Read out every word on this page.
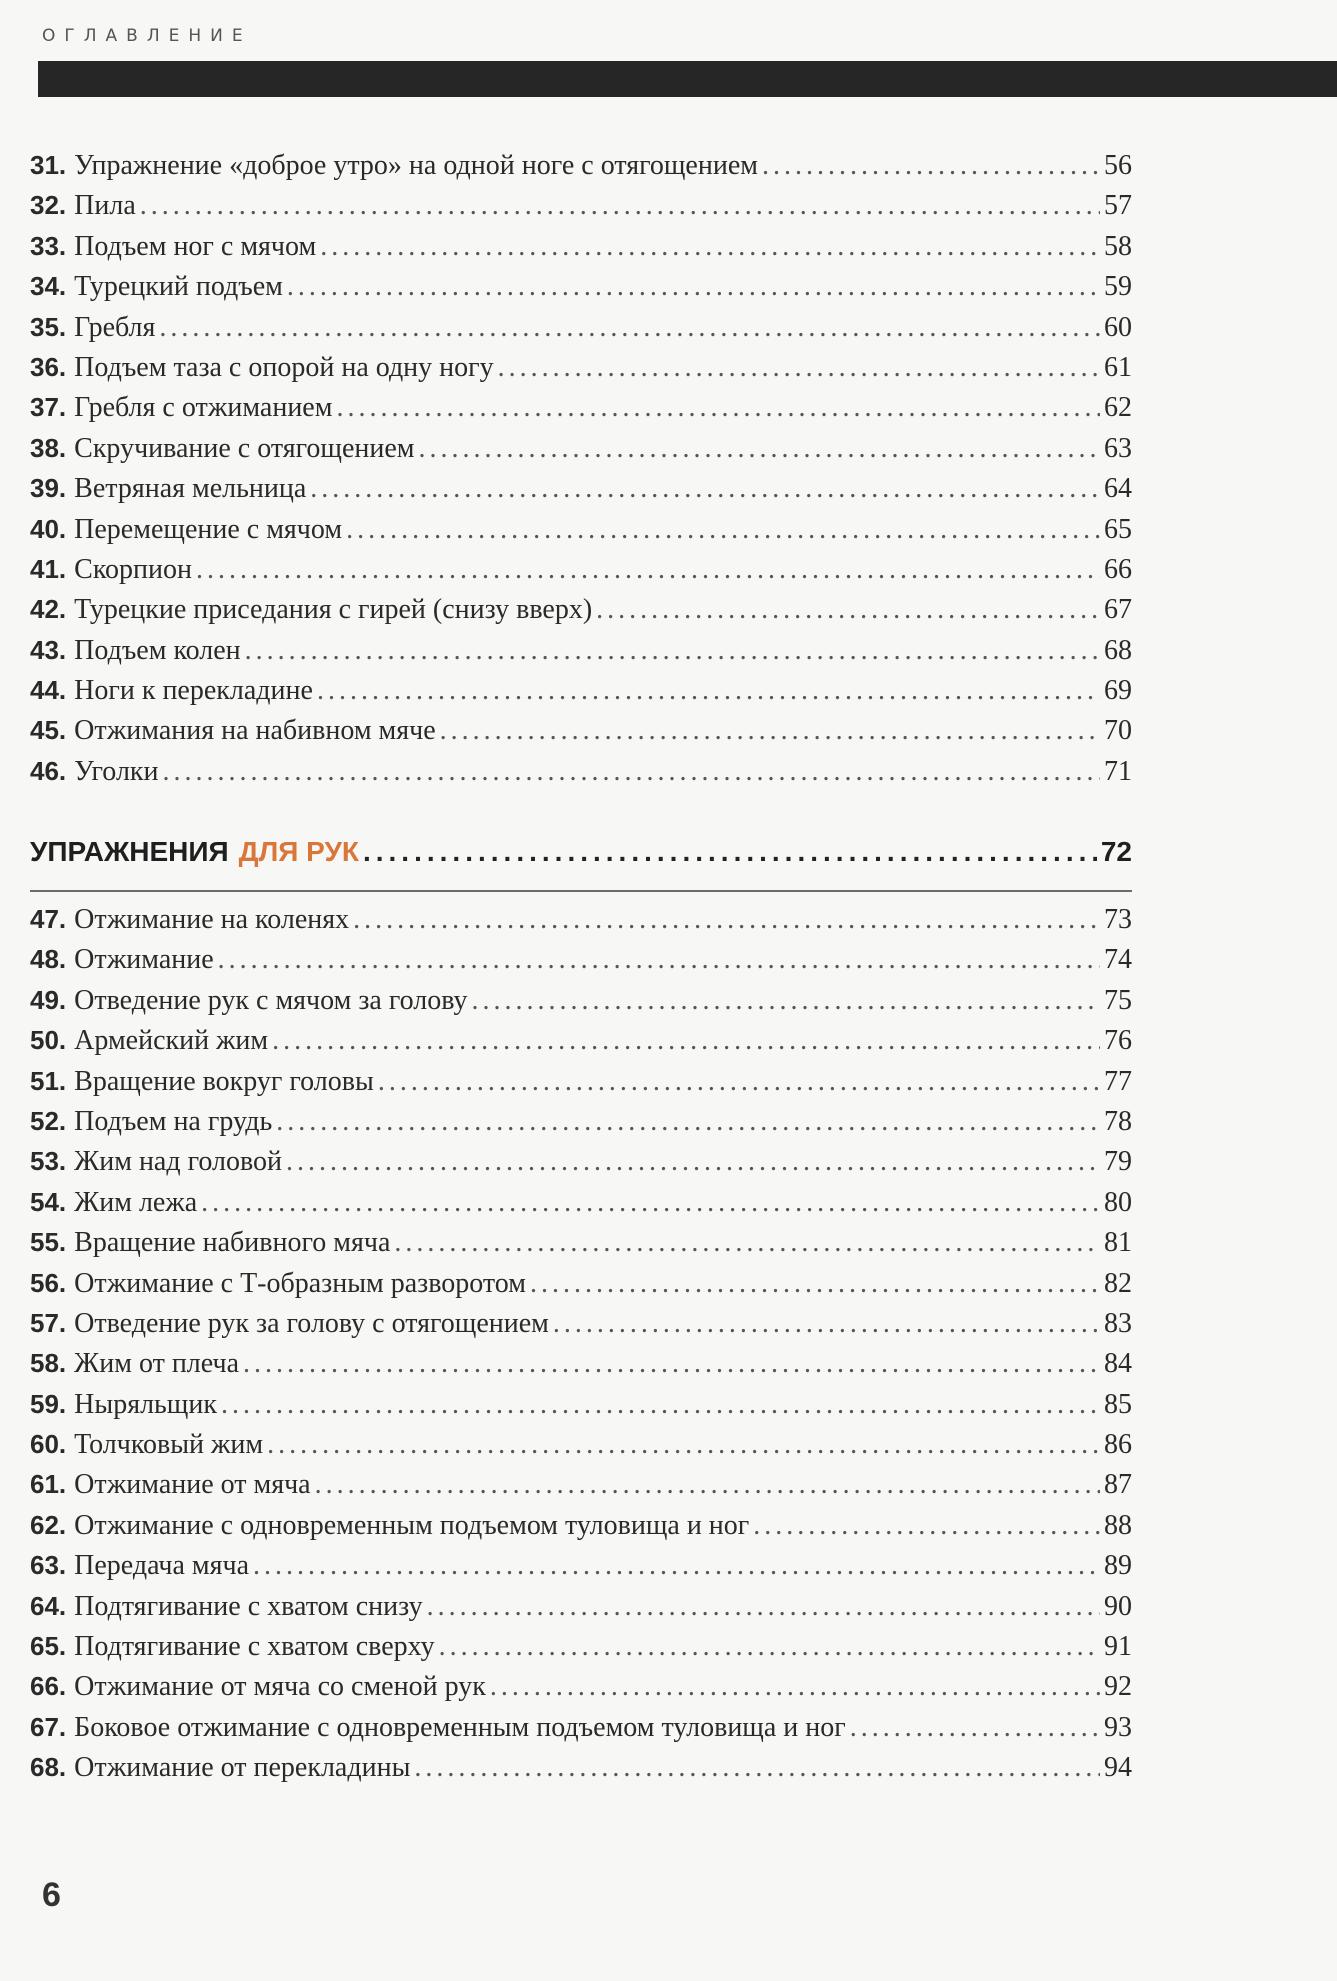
ОГЛАВЛЕНИЕ
31. Упражнение «доброе утро» на одной ноге с отягощением .....	56
32. Пила .....	57
33. Подъем ног с мячом .....	58
34. Турецкий подъем .....	59
35. Гребля .....	60
36. Подъем таза с опорой на одну ногу .....	61
37. Гребля с отжиманием .....	62
38. Скручивание с отягощением .....	63
39. Ветряная мельница .....	64
40. Перемещение с мячом .....	65
41. Скорпион .....	66
42. Турецкие приседания с гирей (снизу вверх) .....	67
43. Подъем колен .....	68
44. Ноги к перекладине .....	69
45. Отжимания на набивном мяче .....	70
46. Уголки .....	71
УПРАЖНЕНИЯ ДЛЯ РУК .....	72
47. Отжимание на коленях .....	73
48. Отжимание .....	74
49. Отведение рук с мячом за голову .....	75
50. Армейский жим .....	76
51. Вращение вокруг головы .....	77
52. Подъем на грудь .....	78
53. Жим над головой .....	79
54. Жим лежа .....	80
55. Вращение набивного мяча .....	81
56. Отжимание с Т-образным разворотом .....	82
57. Отведение рук за голову с отягощением .....	83
58. Жим от плеча .....	84
59. Ныряльщик .....	85
60. Толчковый жим .....	86
61. Отжимание от мяча .....	87
62. Отжимание с одновременным подъемом туловища и ног .....	88
63. Передача мяча .....	89
64. Подтягивание с хватом снизу .....	90
65. Подтягивание с хватом сверху .....	91
66. Отжимание от мяча со сменой рук .....	92
67. Боковое отжимание с одновременным подъемом туловища и ног .....	93
68. Отжимание от перекладины .....	94
6
